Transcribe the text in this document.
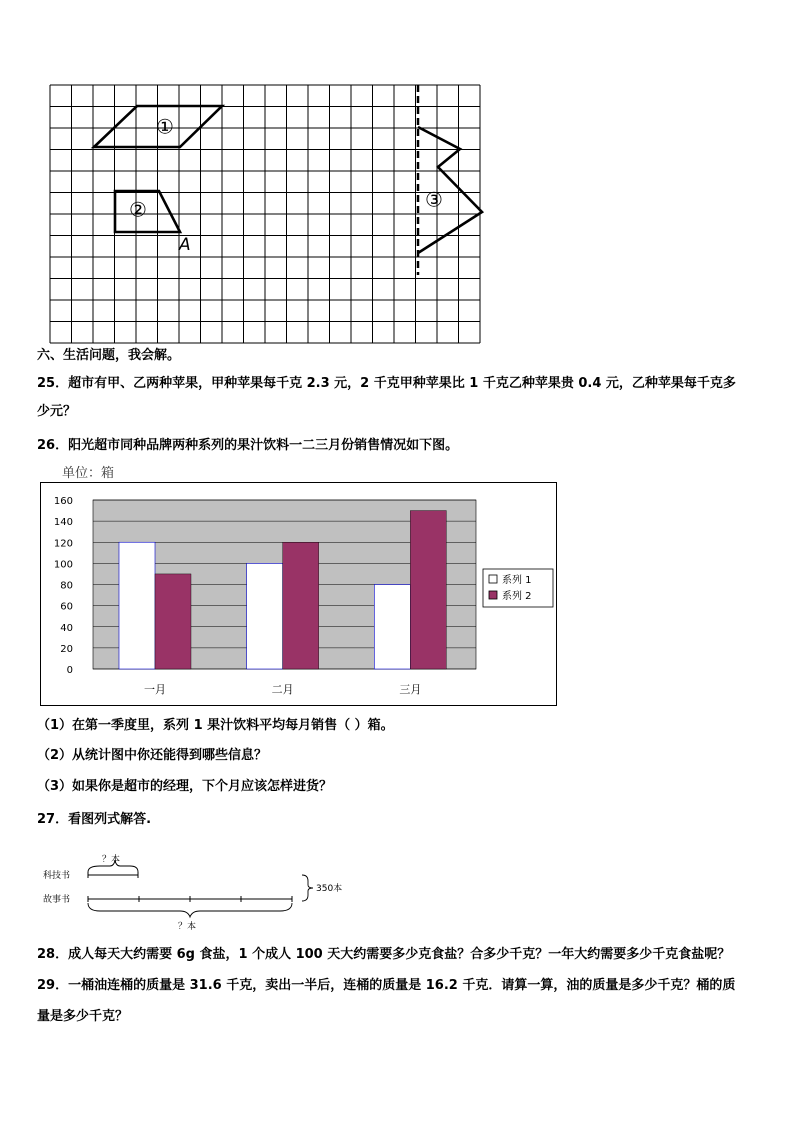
①
②
A
③
六、生活问题，我会解。
25．超市有甲、乙两种苹果，甲种苹果每千克 2.3 元，2 千克甲种苹果比 1 千克乙种苹果贵 0.4 元，乙种苹果每千克多
少元？
26．阳光超市同种品牌两种系列的果汁饮料一二三月份销售情况如下图。
单位：箱
0
20
40
60
80
100
120
140
160
一月	二月	三月
系列 1
系列 2
（1）在第一季度里，系列 1 果汁饮料平均每月销售（ ）箱。
（2）从统计图中你还能得到哪些信息？
（3）如果你是超市的经理，下个月应该怎样进货？
27．看图列式解答.
？本
科技书
故事书
？本
350本
28．成人每天大约需要 6g 食盐，1 个成人 100 天大约需要多少克食盐？合多少千克？一年大约需要多少千克食盐呢？
29．一桶油连桶的质量是 31.6 千克，卖出一半后，连桶的质量是 16.2 千克．请算一算，油的质量是多少千克？桶的质
量是多少千克？
